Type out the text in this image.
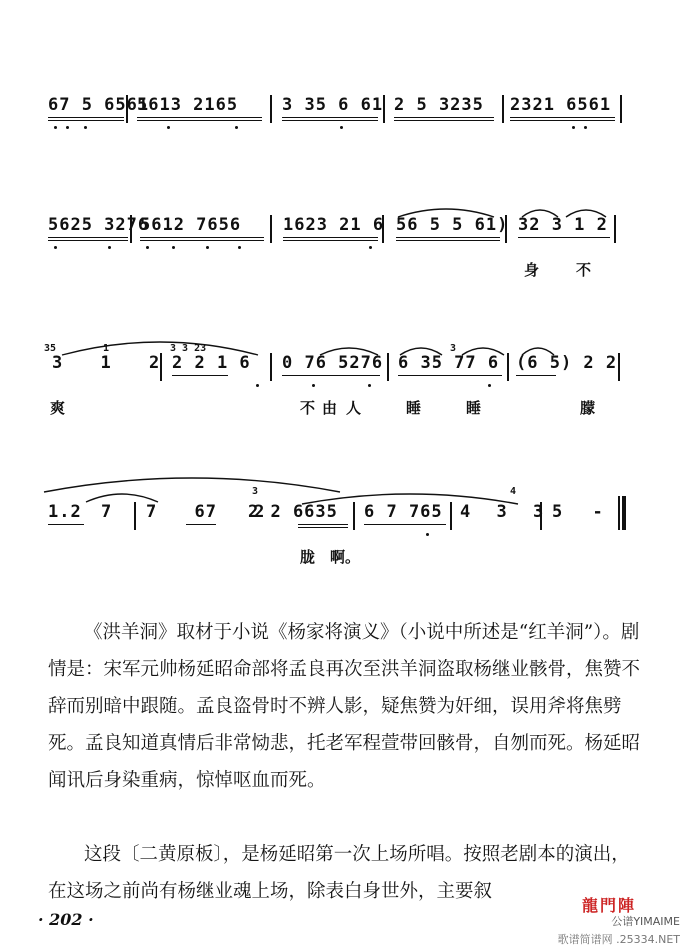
67 5 6561
5613 2165	3 35 6 61 2 5 3235	2321 6561
5625 3276
5612 7656	1623 21 6 56 5 5 61) 32 3 1 2
身 不
35	1	3 3 23	3
3 1 2 2 2 1 6	0 76 5276 6 35 77 6 (6 5) 2 2
爽	不 由 人	睡	睡	朦
3	4
1.2 7	7 67 2
2 2 6635	6 7 765 4 3 3 5 -
胧 啊。
《洪羊洞》取材于小说《杨家将演义》（小说中所述是“红羊洞”）。剧情是：宋军元帅杨延昭命部将孟良再次至洪羊洞盗取杨继业骸骨，焦赞不辞而别暗中跟随。孟良盗骨时不辨人影，疑焦赞为奸细，误用斧将焦劈死。孟良知道真情后非常恸悲，托老军程萱带回骸骨，自刎而死。杨延昭闻讯后身染重病，惊悼呕血而死。
这段〔二黄原板〕，是杨延昭第一次上场所唱。按照老剧本的演出，在这场之前尚有杨继业魂上场，除表白身世外，主要叙
· 202 ·
龍門陣
公谱YIMAIME
歌谱简谱网 .25334.NET
